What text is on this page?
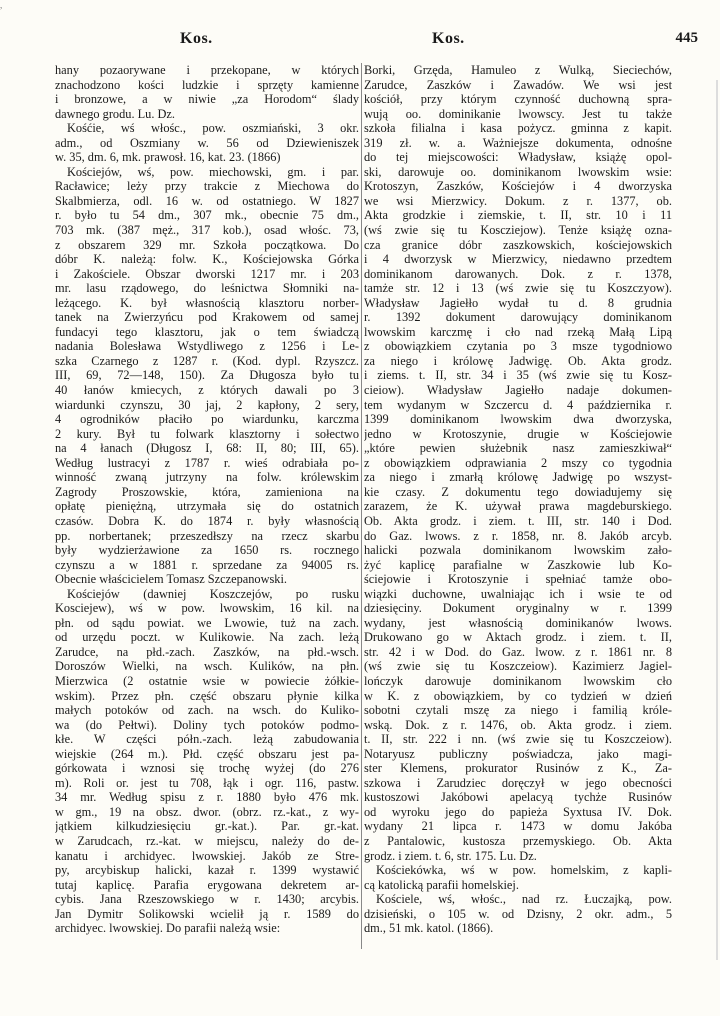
,
Kos.	Kos.	445
hany pozaorywane i przekopane, w których
znachodzono kości ludzkie i sprzęty kamienne
i bronzowe, a w niwie „za Horodom“ ślady
dawnego grodu. Lu. Dz.
Kośćie, wś włośc., pow. oszmiański, 3 okr.
adm., od Oszmiany w. 56 od Dziewieniszek
w. 35, dm. 6, mk. prawosł. 16, kat. 23. (1866)
Kościejów, wś, pow. miechowski, gm. i par.
Racławice; leży przy trakcie z Miechowa do
Skalbmierza, odl. 16 w. od ostatniego. W 1827
r. było tu 54 dm., 307 mk., obecnie 75 dm.,
703 mk. (387 męż., 317 kob.), osad włośc. 73,
z obszarem 329 mr. Szkoła początkowa. Do
dóbr K. należą: folw. K., Kościejowska Górka
i Zakościele. Obszar dworski 1217 mr. i 203
mr. lasu rządowego, do leśnictwa Słomniki na-
leżącego. K. był własnością klasztoru norber-
tanek na Zwierzyńcu pod Krakowem od samej
fundacyi tego klasztoru, jak o tem świadczą
nadania Bolesława Wstydliwego z 1256 i Le-
szka Czarnego z 1287 r. (Kod. dypl. Rzyszcz.
III, 69, 72—148, 150). Za Długosza było tu
40 łanów kmiecych, z których dawali po 3
wiardunki czynszu, 30 jaj, 2 kapłony, 2 sery,
4 ogrodników płaciło po wiardunku, karczma
2 kury. Był tu folwark klasztorny i sołectwo
na 4 łanach (Długosz I, 68: II, 80; III, 65).
Według lustracyi z 1787 r. wieś odrabiała po-
winność zwaną jutrzyny na folw. królewskim
Zagrody Proszowskie, która, zamieniona na
opłatę pieniężną, utrzymała się do ostatnich
czasów. Dobra K. do 1874 r. były własnością
pp. norbertanek; przeszedłszy na rzecz skarbu
były wydzierżawione za 1650 rs. rocznego
czynszu a w 1881 r. sprzedane za 94005 rs.
Obecnie właścicielem Tomasz Szczepanowski.
Kościejów (dawniej Koszczejów, po rusku
Kosciejew), wś w pow. lwowskim, 16 kil. na
płn. od sądu powiat. we Lwowie, tuż na zach.
od urzędu poczt. w Kulikowie. Na zach. leżą
Zarudce, na płd.-zach. Zaszków, na płd.-wsch.
Doroszów Wielki, na wsch. Kulików, na płn.
Mierzwica (2 ostatnie wsie w powiecie żółkie-
wskim). Przez płn. część obszaru płynie kilka
małych potoków od zach. na wsch. do Kuliko-
wa (do Pełtwi). Doliny tych potoków podmo-
kłe. W części półn.-zach. leżą zabudowania
wiejskie (264 m.). Płd. część obszaru jest pa-
górkowata i wznosi się trochę wyżej (do 276
m). Roli or. jest tu 708, łąk i ogr. 116, pastw.
34 mr. Według spisu z r. 1880 było 476 mk.
w gm., 19 na obsz. dwor. (obrz. rz.-kat., z wy-
jątkiem kilkudziesięciu gr.-kat.). Par. gr.-kat.
w Zarudcach, rz.-kat. w miejscu, należy do de-
kanatu i archidyec. lwowskiej. Jakób ze Stre-
py, arcybiskup halicki, kazał r. 1399 wystawić
tutaj kaplicę. Parafia erygowana dekretem ar-
cybis. Jana Rzeszowskiego w r. 1430; arcybis.
Jan Dymitr Solikowski wcielił ją r. 1589 do
archidyec. lwowskiej. Do parafii należą wsie:
Borki, Grzęda, Hamuleo z Wulką, Sieciechów,
Zarudce, Zaszków i Zawadów. We wsi jest
kościół, przy którym czynność duchowną spra-
wują oo. dominikanie lwowscy. Jest tu także
szkoła filialna i kasa pożycz. gminna z kapit.
319 zł. w. a. Ważniejsze dokumenta, odnośne
do tej miejscowości: Władysław, książę opol-
ski, darowuje oo. dominikanom lwowskim wsie:
Krotoszyn, Zaszków, Kościejów i 4 dworzyska
we wsi Mierzwicy. Dokum. z r. 1377, ob.
Akta grodzkie i ziemskie, t. II, str. 10 i 11
(wś zwie się tu Koscziejow). Tenże książę ozna-
cza granice dóbr zaszkowskich, kościejowskich
i 4 dworzysk w Mierzwicy, niedawno przedtem
dominikanom darowanych. Dok. z r. 1378,
tamże str. 12 i 13 (wś zwie się tu Koszczyow).
Władysław Jagiełło wydał tu d. 8 grudnia
r. 1392 dokument darowujący dominikanom
lwowskim karczmę i cło nad rzeką Małą Lipą
z obowiązkiem czytania po 3 msze tygodniowo
za niego i królowę Jadwigę. Ob. Akta grodz.
i ziems. t. II, str. 34 i 35 (wś zwie się tu Kosz-
cieiow). Władysław Jagiełło nadaje dokumen-
tem wydanym w Szczercu d. 4 października r.
1399 dominikanom lwowskim dwa dworzyska,
jedno w Krotoszynie, drugie w Kościejowie
„które pewien służebnik nasz zamieszkiwał“
z obowiązkiem odprawiania 2 mszy co tygodnia
za niego i zmarłą królowę Jadwigę po wszyst-
kie czasy. Z dokumentu tego dowiadujemy się
zarazem, że K. używał prawa magdeburskiego.
Ob. Akta grodz. i ziem. t. III, str. 140 i Dod.
do Gaz. lwows. z r. 1858, nr. 8. Jakób arcyb.
halicki pozwala dominikanom lwowskim zało-
żyć kaplicę parafialne w Zaszkowie lub Ko-
ściejowie i Krotoszynie i spełniać tamże obo-
wiązki duchowne, uwalniając ich i wsie te od
dziesięciny. Dokument oryginalny w r. 1399
wydany, jest własnością dominikanów lwows.
Drukowano go w Aktach grodz. i ziem. t. II,
str. 42 i w Dod. do Gaz. lwow. z r. 1861 nr. 8
(wś zwie się tu Koszczeiow). Kazimierz Jagiel-
lończyk darowuje dominikanom lwowskim cło
w K. z obowiązkiem, by co tydzień w dzień
sobotni czytali mszę za niego i familią króle-
wską. Dok. z r. 1476, ob. Akta grodz. i ziem.
t. II, str. 222 i nn. (wś zwie się tu Koszczeiow).
Notaryusz publiczny poświadcza, jako magi-
ster Klemens, prokurator Rusinów z K., Za-
szkowa i Zarudziec doręczył w jego obecności
kustoszowi Jakóbowi apelacyą tychże Rusinów
od wyroku jego do papieża Syxtusa IV. Dok.
wydany 21 lipca r. 1473 w domu Jakóba
z Pantalowic, kustosza przemyskiego. Ob. Akta
grodz. i ziem. t. 6, str. 175. Lu. Dz.
Kościekówka, wś w pow. homelskim, z kapli-
cą katolicką parafii homelskiej.
Kościele, wś, włośc., nad rz. Łuczajką, pow.
dzisieński, o 105 w. od Dzisny, 2 okr. adm., 5
dm., 51 mk. katol. (1866).
